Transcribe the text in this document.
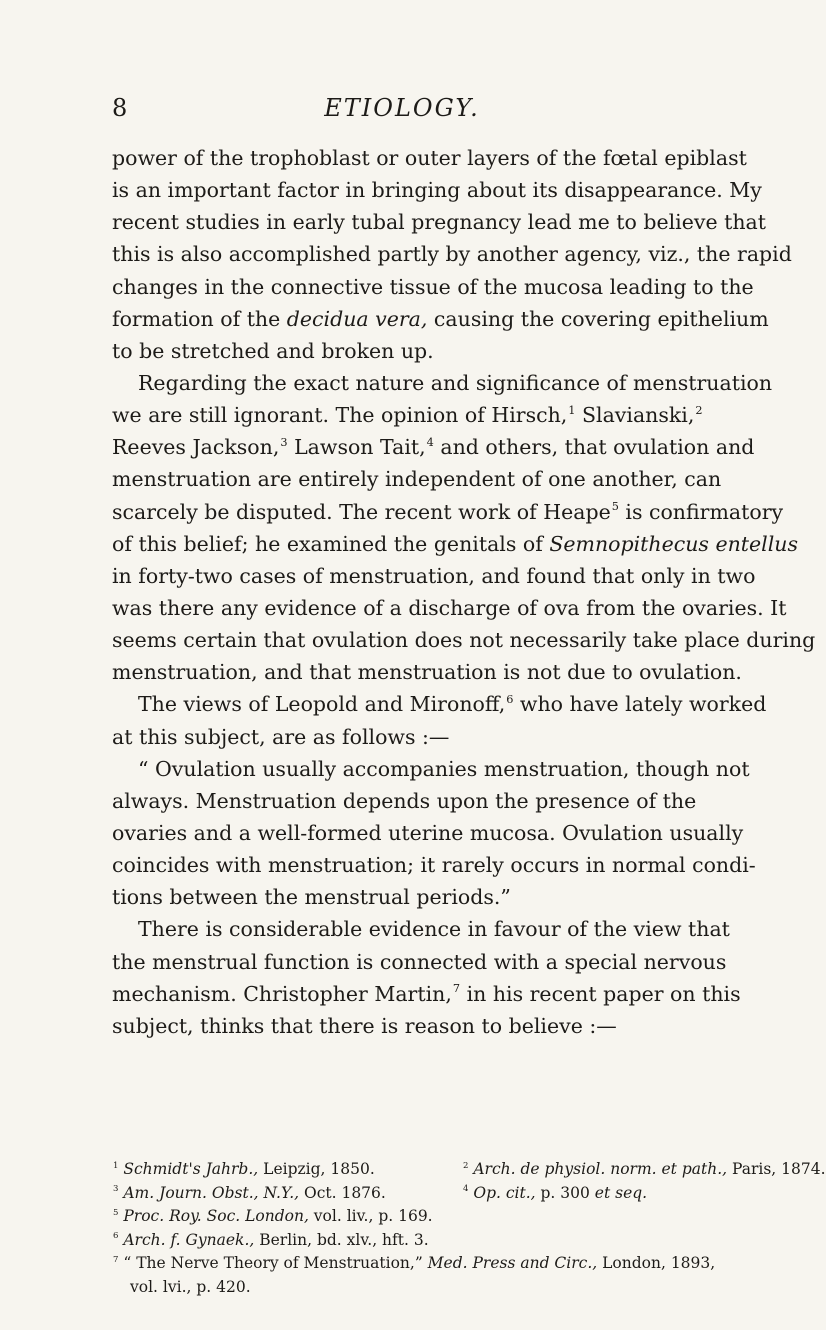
8	ETIOLOGY.
power of the trophoblast or outer layers of the fœtal epiblast
is an important factor in bringing about its disappearance. My
recent studies in early tubal pregnancy lead me to believe that
this is also accomplished partly by another agency, viz., the rapid
changes in the connective tissue of the mucosa leading to the
formation of the decidua vera, causing the covering epithelium
to be stretched and broken up.
Regarding the exact nature and significance of menstruation
we are still ignorant. The opinion of Hirsch,$^1$ Slavianski,$^2$
Reeves Jackson,$^3$ Lawson Tait,$^4$ and others, that ovulation and
menstruation are entirely independent of one another, can
scarcely be disputed. The recent work of Heape$^5$ is confirmatory
of this belief; he examined the genitals of Semnopithecus entellus
in forty-two cases of menstruation, and found that only in two
was there any evidence of a discharge of ova from the ovaries. It
seems certain that ovulation does not necessarily take place during
menstruation, and that menstruation is not due to ovulation.
The views of Leopold and Mironoff,$^6$ who have lately worked
at this subject, are as follows :—
“ Ovulation usually accompanies menstruation, though not
always. Menstruation depends upon the presence of the
ovaries and a well-formed uterine mucosa. Ovulation usually
coincides with menstruation; it rarely occurs in normal condi-
tions between the menstrual periods.”
There is considerable evidence in favour of the view that
the menstrual function is connected with a special nervous
mechanism. Christopher Martin,$^7$ in his recent paper on this
subject, thinks that there is reason to believe :—
$^1$ Schmidt's Jahrb., Leipzig, 1850.	$^2$ Arch. de physiol. norm. et path., Paris, 1874.
$^3$ Am. Journ. Obst., N.Y., Oct. 1876.	$^4$ Op. cit., p. 300 et seq.
$^5$ Proc. Roy. Soc. London, vol. liv., p. 169.
$^6$ Arch. f. Gynaek., Berlin, bd. xlv., hft. 3.
$^7$ “ The Nerve Theory of Menstruation,” Med. Press and Circ., London, 1893,
vol. lvi., p. 420.
